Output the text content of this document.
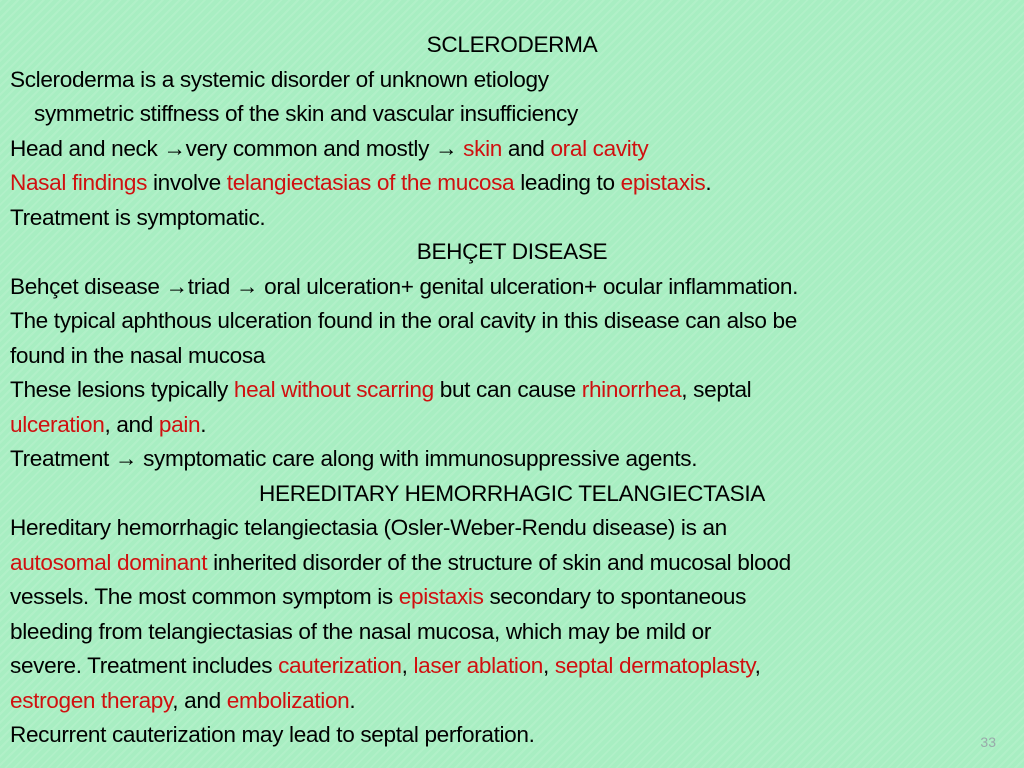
SCLERODERMA
Scleroderma is a systemic disorder of unknown etiology
symmetric stiffness of the skin and vascular insufficiency
Head and neck →very common and mostly → skin and oral cavity
Nasal findings involve telangiectasias of the mucosa leading to epistaxis.
Treatment is symptomatic.
BEHÇET DISEASE
Behçet disease →triad → oral ulceration+ genital ulceration+ ocular inflammation.
The typical aphthous ulceration found in the oral cavity in this disease can also be
found in the nasal mucosa
These lesions typically heal without scarring but can cause rhinorrhea, septal
ulceration, and pain.
Treatment → symptomatic care along with immunosuppressive agents.
HEREDITARY HEMORRHAGIC TELANGIECTASIA
Hereditary hemorrhagic telangiectasia (Osler-Weber-Rendu disease) is an
autosomal dominant inherited disorder of the structure of skin and mucosal blood
vessels. The most common symptom is epistaxis secondary to spontaneous
bleeding from telangiectasias of the nasal mucosa, which may be mild or
severe. Treatment includes cauterization, laser ablation, septal dermatoplasty,
estrogen therapy, and embolization.
Recurrent cauterization may lead to septal perforation.	33
